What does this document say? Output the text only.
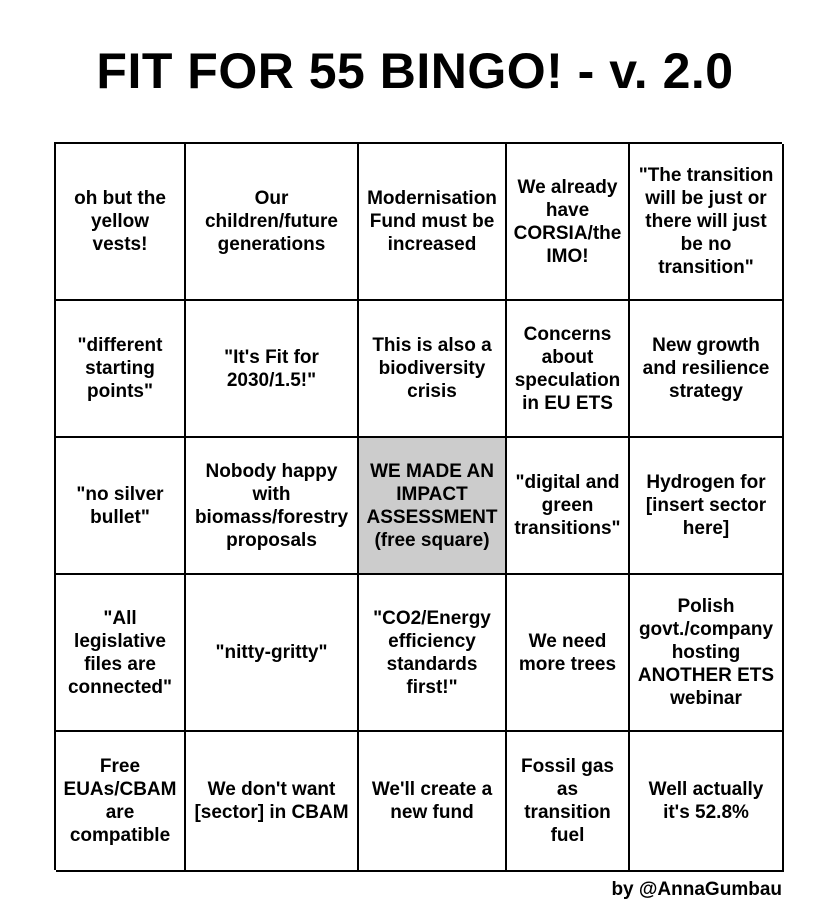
FIT FOR 55 BINGO! - v. 2.0
oh but the yellow vests!
Our children/future generations
Modernisation Fund must be increased
We already have CORSIA/the IMO!
"The transition will be just or there will just be no transition"
"different starting points"
"It's Fit for 2030/1.5!"
This is also a biodiversity crisis
Concerns about speculation in EU ETS
New growth and resilience strategy
"no silver bullet"
Nobody happy with biomass/forestry proposals
WE MADE AN IMPACT ASSESSMENT
(free square)
"digital and green transitions"
Hydrogen for [insert sector here]
"All legislative files are connected"
"nitty-gritty"
"CO2/Energy efficiency standards first!"
We need more trees
Polish govt./company hosting ANOTHER ETS webinar
Free EUAs/CBAM are compatible
We don't want [sector] in CBAM
We'll create a new fund
Fossil gas as transition fuel
Well actually it's 52.8%
by @AnnaGumbau
